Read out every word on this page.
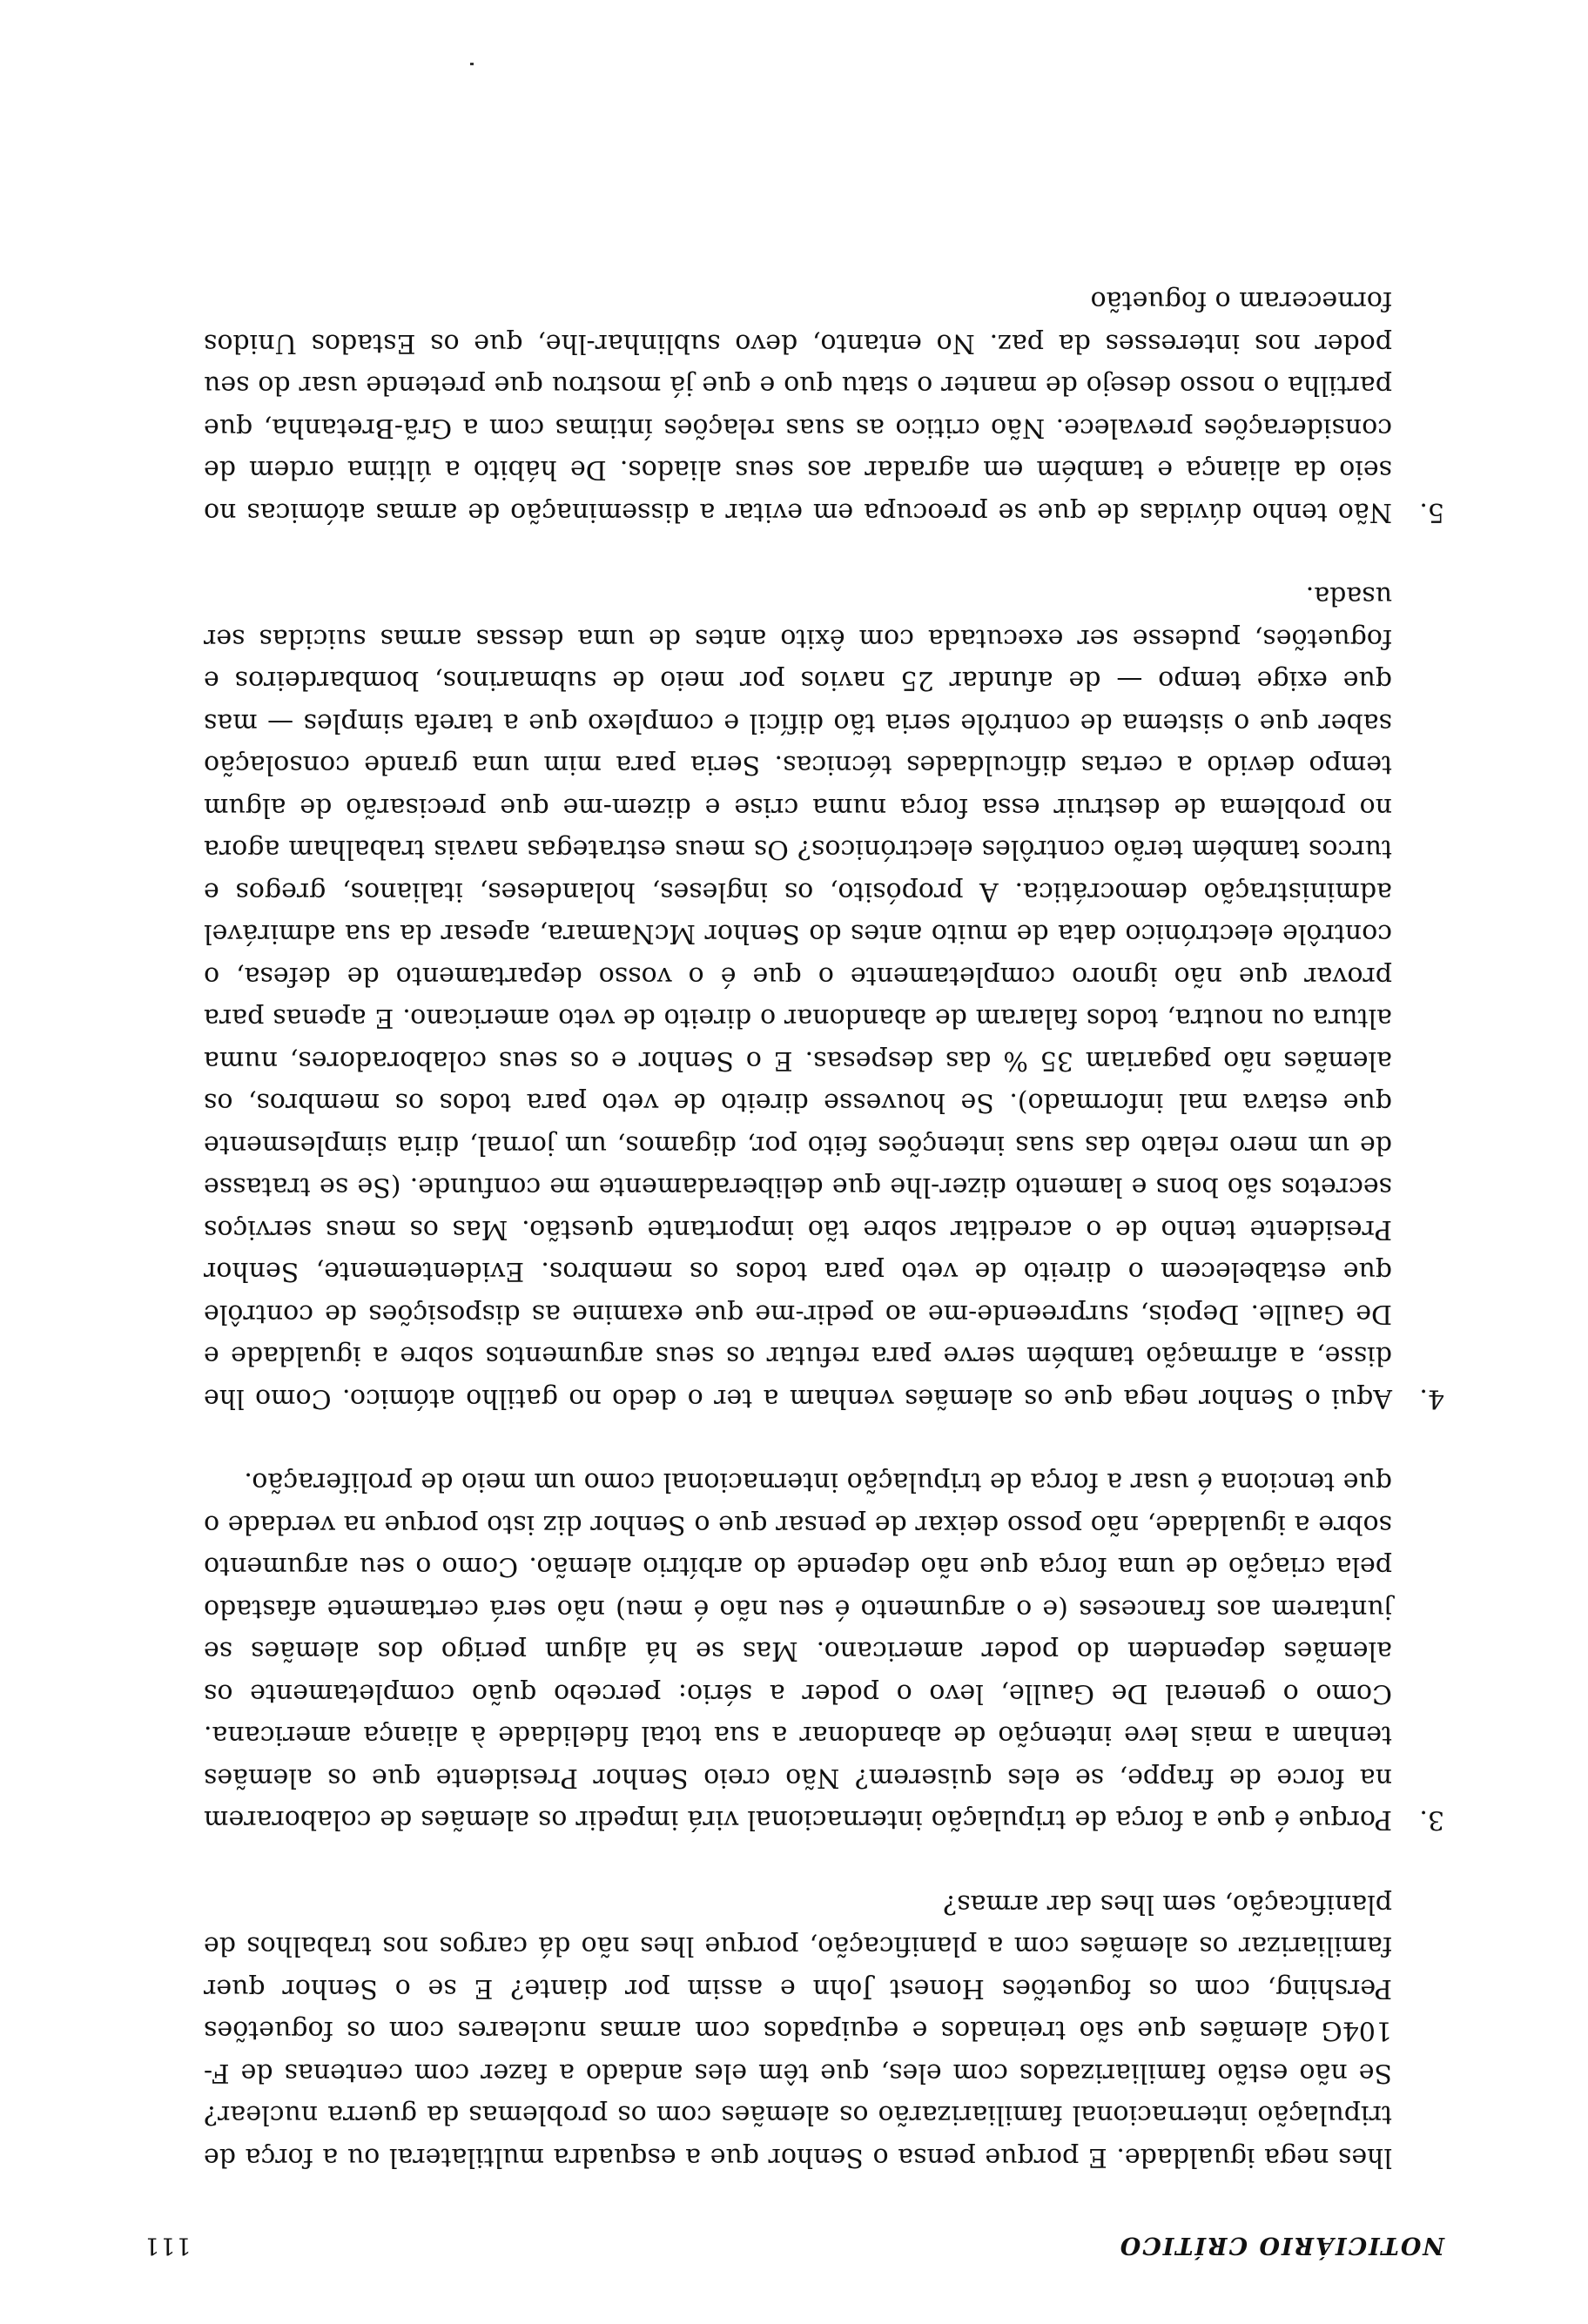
NOTICIÁRIO CRÍTICO
111
lhes nega igualdade. E porque pensa o Senhor que a esquadra multilateral ou a força de tripulação internacional familiarizarão os alemães com os problemas da guerra nuclear? Se não estão familiarizados com eles, que têm eles andado a fazer com centenas de F-104G alemães que são treinados e equipados com armas nucleares com os foguetões Pershing, com os foguetões Honest John e assim por diante? E se o Senhor quer familiarizar os alemães com a planificação, porque lhes não dá cargos nos trabalhos de planificação, sem lhes dar armas?
3.
Porque é que a força de tripulação internacional virá impedir os alemães de colaborarem na force de frappe, se eles quiserem? Não creio Senhor Presidente que os alemães tenham a mais leve intenção de abandonar a sua total fidelidade à aliança americana. Como o general De Gaulle, levo o poder a sério: percebo quão completamente os alemães dependem do poder americano. Mas se há algum perigo dos alemães se juntarem aos franceses (e o argumento é seu não é meu) não será certamente afastado pela criação de uma força que não depende do arbítrio alemão. Como o seu argumento sobre a igualdade, não posso deixar de pensar que o Senhor diz isto porque na verdade o que tenciona é usar a força de tripulação internacional como um meio de proliferação.
4.
Aqui o Senhor nega que os alemães venham a ter o dedo no gatilho atómico. Como lhe disse, a afirmação também serve para refutar os seus argumentos sobre a igualdade e De Gaulle. Depois, surpreende-me ao pedir-me que examine as disposições de contrôle que estabelecem o direito de veto para todos os membros. Evidentemente, Senhor Presidente tenho de o acreditar sobre tão importante questão. Mas os meus serviços secretos são bons e lamento dizer-lhe que deliberadamente me confunde. (Se se tratasse de um mero relato das suas intenções feito por, digamos, um jornal, diria simplesmente que estava mal informado). Se houvesse direito de veto para todos os membros, os alemães não pagariam 35 % das despesas. E o Senhor e os seus colaboradores, numa altura ou noutra, todos falaram de abandonar o direito de veto americano. E apenas para provar que não ignoro completamente o que é o vosso departamento de defesa, o contrôle electrónico data de muito antes do Senhor McNamara, apesar da sua admirável administração democrática. A propósito, os ingleses, holandeses, italianos, gregos e turcos também terão contrôles electrónicos? Os meus estrategas navais trabalham agora no problema de destruir essa força numa crise e dizem-me que precisarão de algum tempo devido a certas dificuldades técnicas. Seria para mim uma grande consolação saber que o sistema de contrôle seria tão difícil e complexo que a tarefa simples — mas que exige tempo — de afundar 25 navios por meio de submarinos, bombardeiros e foguetões, pudesse ser executada com êxito antes de uma dessas armas suicidas ser usada.
5.
Não tenho dúvidas de que se preocupa em evitar a disseminação de armas atómicas no seio da aliança e também em agradar aos seus aliados. De hábito a última ordem de considerações prevalece. Não critico as suas relações íntimas com a Grã-Bretanha, que partilha o nosso desejo de manter o statu quo e que já mostrou que pretende usar do seu poder nos interesses da paz. No entanto, devo sublinhar-lhe, que os Estados Unidos forneceram o foguetão
